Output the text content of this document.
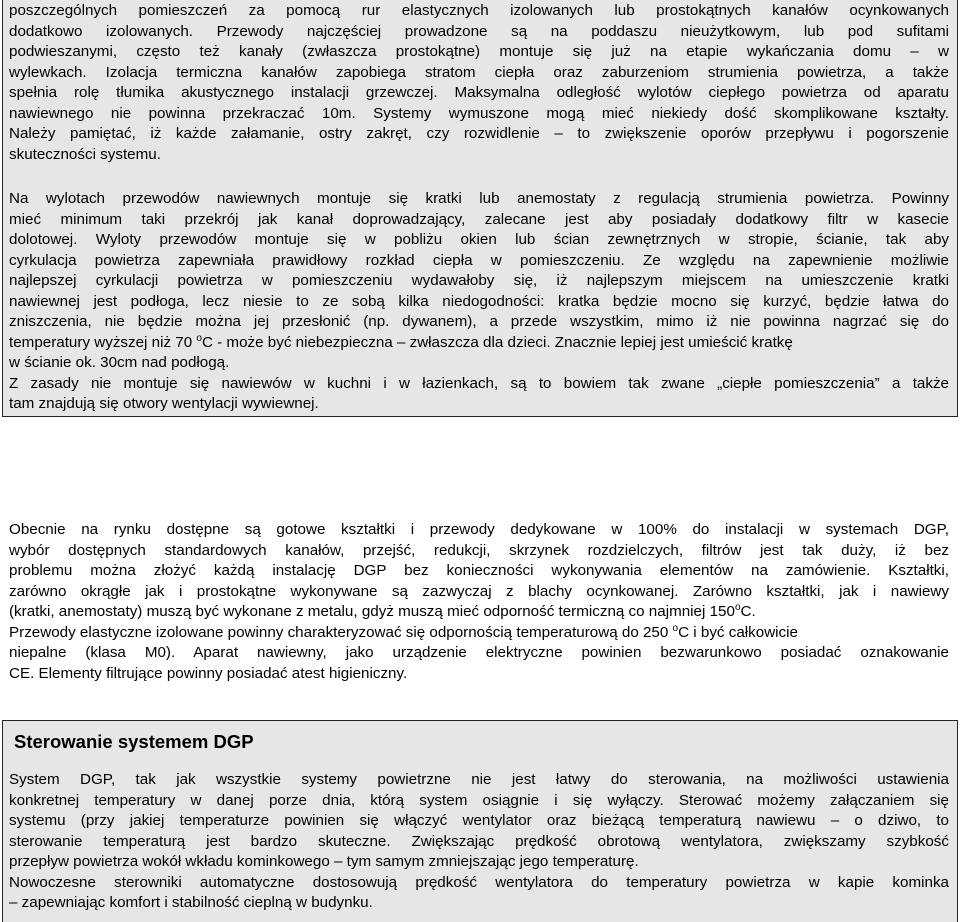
poszczególnych pomieszczeń za pomocą rur elastycznych izolowanych lub prostokątnych kanałów ocynkowanych
dodatkowo izolowanych. Przewody najczęściej prowadzone są na poddaszu nieużytkowym, lub pod sufitami
podwieszanymi, często też kanały (zwłaszcza prostokątne) montuje się już na etapie wykańczania domu – w
wylewkach. Izolacja termiczna kanałów zapobiega stratom ciepła oraz zaburzeniom strumienia powietrza, a także
spełnia rolę tłumika akustycznego instalacji grzewczej. Maksymalna odległość wylotów ciepłego powietrza od aparatu
nawiewnego nie powinna przekraczać 10m. Systemy wymuszone mogą mieć niekiedy dość skomplikowane kształty.
Należy pamiętać, iż każde załamanie, ostry zakręt, czy rozwidlenie – to zwiększenie oporów przepływu i pogorszenie
skuteczności systemu.
Na wylotach przewodów nawiewnych montuje się kratki lub anemostaty z regulacją strumienia powietrza. Powinny
mieć minimum taki przekrój jak kanał doprowadzający, zalecane jest aby posiadały dodatkowy filtr w kasecie
dolotowej. Wyloty przewodów montuje się w pobliżu okien lub ścian zewnętrznych w stropie, ścianie, tak aby
cyrkulacja powietrza zapewniała prawidłowy rozkład ciepła w pomieszczeniu. Ze względu na zapewnienie możliwie
najlepszej cyrkulacji powietrza w pomieszczeniu wydawałoby się, iż najlepszym miejscem na umieszczenie kratki
nawiewnej jest podłoga, lecz niesie to ze sobą kilka niedogodności: kratka będzie mocno się kurzyć, będzie łatwa do
zniszczenia, nie będzie można jej przesłonić (np. dywanem), a przede wszystkim, mimo iż nie powinna nagrzać się do
temperatury wyższej niż 70 $^o$C - może być niebezpieczna – zwłaszcza dla dzieci. Znacznie lepiej jest umieścić kratkę
w ścianie ok. 30cm nad podłogą.
Z zasady nie montuje się nawiewów w kuchni i w łazienkach, są to bowiem tak zwane „ciepłe pomieszczenia” a także
tam znajdują się otwory wentylacji wywiewnej.
Obecnie na rynku dostępne są gotowe kształtki i przewody dedykowane w 100% do instalacji w systemach DGP,
wybór dostępnych standardowych kanałów, przejść, redukcji, skrzynek rozdzielczych, filtrów jest tak duży, iż bez
problemu można złożyć każdą instalację DGP bez konieczności wykonywania elementów na zamówienie. Kształtki,
zarówno okrągłe jak i prostokątne wykonywane są zazwyczaj z blachy ocynkowanej. Zarówno kształtki, jak i nawiewy
(kratki, anemostaty) muszą być wykonane z metalu, gdyż muszą mieć odporność termiczną co najmniej 150$^o$C.
Przewody elastyczne izolowane powinny charakteryzować się odpornością temperaturową do 250 $^o$C i być całkowicie
niepalne (klasa M0). Aparat nawiewny, jako urządzenie elektryczne powinien bezwarunkowo posiadać oznakowanie
CE. Elementy filtrujące powinny posiadać atest higieniczny.
Sterowanie systemem DGP
System DGP, tak jak wszystkie systemy powietrzne nie jest łatwy do sterowania, na możliwości ustawienia
konkretnej temperatury w danej porze dnia, którą system osiągnie i się wyłączy. Sterować możemy załączaniem się
systemu (przy jakiej temperaturze powinien się włączyć wentylator oraz bieżącą temperaturą nawiewu – o dziwo, to
sterowanie temperaturą jest bardzo skuteczne. Zwiększając prędkość obrotową wentylatora, zwiększamy szybkość
przepływ powietrza wokół wkładu kominkowego – tym samym zmniejszając jego temperaturę.
Nowoczesne sterowniki automatyczne dostosowują prędkość wentylatora do temperatury powietrza w kapie kominka
– zapewniając komfort i stabilność cieplną w budynku.
